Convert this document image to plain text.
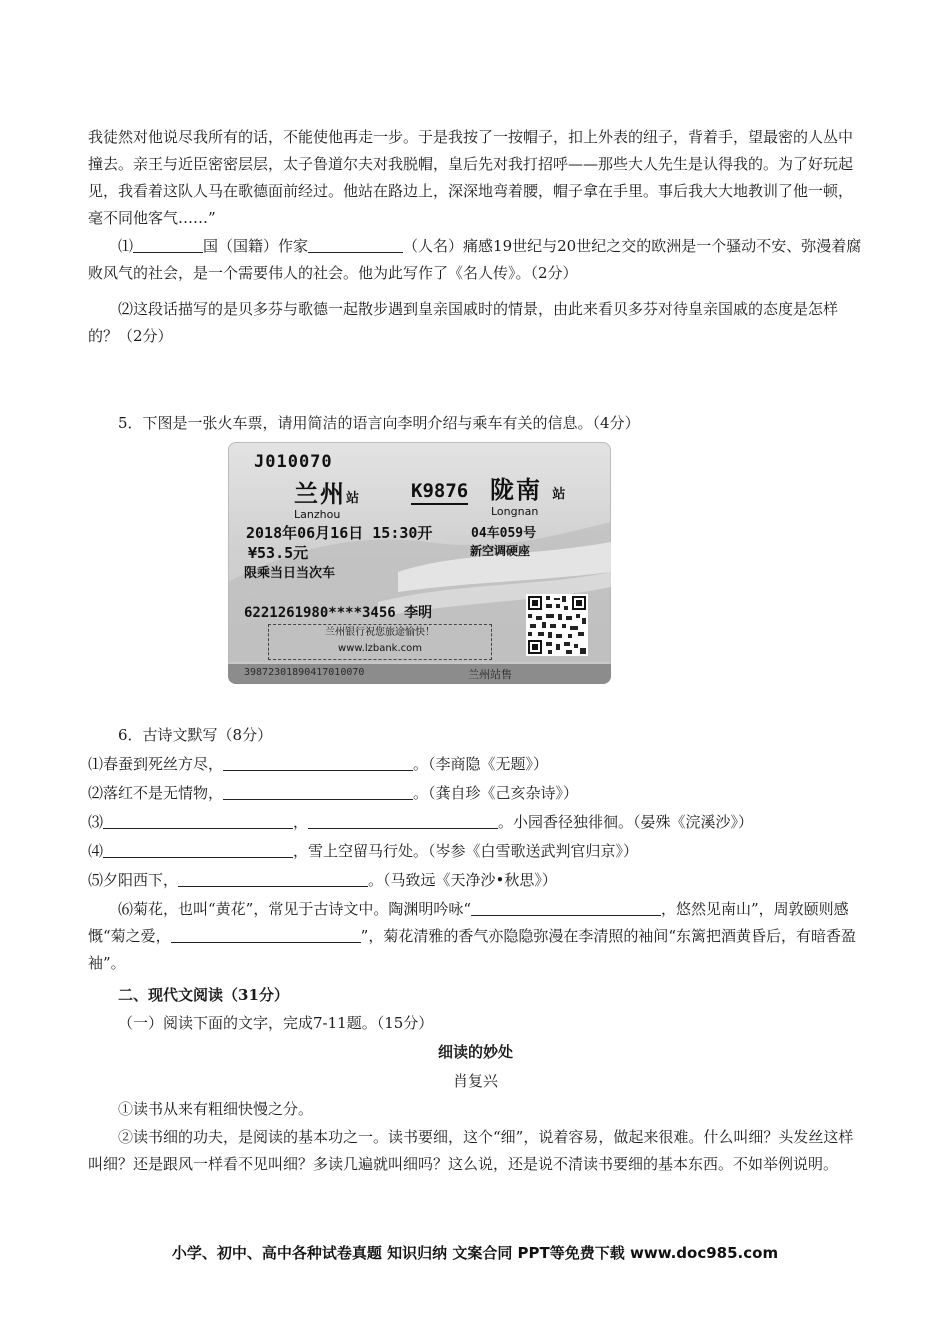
我徒然对他说尽我所有的话，不能使他再走一步。于是我按了一按帽子，扣上外表的纽子，背着手，望最密的人丛中撞去。亲王与近臣密密层层，太子鲁道尔夫对我脱帽，皇后先对我打招呼——那些大人先生是认得我的。为了好玩起见，我看着这队人马在歌德面前经过。他站在路边上，深深地弯着腰，帽子拿在手里。事后我大大地教训了他一顿，毫不同他客气……”

⑴	国（国籍）作家	（人名）痛感19世纪与20世纪之交的欧洲是一个骚动不安、弥漫着腐败风气的社会，是一个需要伟人的社会。他为此写作了《名人传》。（2分）

⑵这段话描写的是贝多芬与歌德一起散步遇到皇亲国戚时的情景，由此来看贝多芬对待皇亲国戚的态度是怎样的？（2分）

5．下图是一张火车票，请用简洁的语言向李明介绍与乘车有关的信息。（4分）

J010070
兰州站	K9876 陇南 站
Lanzhou	Longnan
2018年06月16日 15:30开	04车059号
¥53.5元	新空调硬座
限乘当日当次车
6221261980****3456 李明
兰州银行祝您旅途愉快！
www.lzbank.com
39872301890417010070	兰州站售

6．古诗文默写（8分）

⑴春蚕到死丝方尽，	。（李商隐《无题》）

⑵落红不是无情物，	。（龚自珍《己亥杂诗》）

⑶	，	。小园香径独徘徊。（晏殊《浣溪沙》）

⑷	，雪上空留马行处。（岑参《白雪歌送武判官归京》）

⑸夕阳西下，	。（马致远《天净沙•秋思》）

⑹菊花，也叫“黄花”，常见于古诗文中。陶渊明吟咏“	，悠然见南山”，周敦颐则感慨“菊之爱，	”，菊花清雅的香气亦隐隐弥漫在李清照的袖间“东篱把酒黄昏后，有暗香盈袖”。

二、现代文阅读（31分）

（一）阅读下面的文字，完成7-11题。（15分）

细读的妙处

肖复兴

①读书从来有粗细快慢之分。

②读书细的功夫，是阅读的基本功之一。读书要细，这个“细”，说着容易，做起来很难。什么叫细？头发丝这样叫细？还是跟风一样看不见叫细？多读几遍就叫细吗？这么说，还是说不清读书要细的基本东西。不如举例说明。

小学、初中、高中各种试卷真题 知识归纳 文案合同 PPT等免费下载 www.doc985.com
